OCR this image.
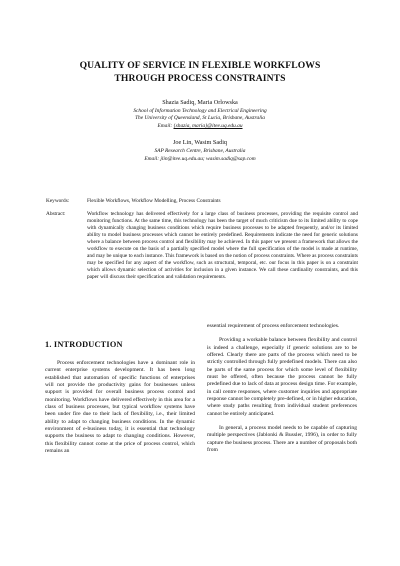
QUALITY OF SERVICE IN FLEXIBLE WORKFLOWS
THROUGH PROCESS CONSTRAINTS
Shazia Sadiq, Maria Orlowska
School of Information Technology and Electrical Engineering
The University of Queensland, St Lucia, Brisbane, Australia
Email: {shazia, maria}@itee.uq.edu.au
Joe Lin, Wasim Sadiq
SAP Research Centre, Brisbane, Australia
Email: jlin@itee.uq.edu.au; wasim.sadiq@sap.com
Keywords:	Flexible Workflows, Workflow Modelling, Process Constraints
Abstract:	Workflow technology has delivered effectively for a large class of business processes, providing the requisite control and monitoring functions. At the same time, this technology has been the target of much criticism due to its limited ability to cope with dynamically changing business conditions which require business processes to be adapted frequently, and/or its limited ability to model business processes which cannot be entirely predefined. Requirements indicate the need for generic solutions where a balance between process control and flexibility may be achieved. In this paper we present a framework that allows the workflow to execute on the basis of a partially specified model where the full specification of the model is made at runtime, and may be unique to each instance. This framework is based on the notion of process constraints. Where as process constraints may be specified for any aspect of the workflow, such as structural, temporal, etc. our focus in this paper is on a constraint which allows dynamic selection of activities for inclusion in a given instance. We call these cardinality constraints, and this paper will discuss their specification and validation requirements.
1. INTRODUCTION

Process enforcement technologies have a dominant role in current enterprise systems development. It has been long established that automation of specific functions of enterprises will not provide the productivity gains for businesses unless support is provided for overall business process control and monitoring. Workflows have delivered effectively in this area for a class of business processes, but typical workflow systems have been under fire due to their lack of flexibility, i.e., their limited ability to adapt to changing business conditions. In the dynamic environment of e-business today, it is essential that technology supports the business to adapt to changing conditions. However, this flexibility cannot come at the price of process control, which remains an

essential requirement of process enforcement technologies.

Providing a workable balance between flexibility and control is indeed a challenge, especially if generic solutions are to be offered. Clearly there are parts of the process which need to be strictly controlled through fully predefined models. There can also be parts of the same process for which some level of flexibility must be offered, often because the process cannot be fully predefined due to lack of data at process design time. For example, in call centre responses, where customer inquiries and appropriate response cannot be completely pre-defined, or in higher education, where study paths resulting from individual student preferences cannot be entirely anticipated.

In general, a process model needs to be capable of capturing multiple perspectives (Jablonki & Bussler, 1996), in order to fully capture the business process. There are a number of proposals both from
